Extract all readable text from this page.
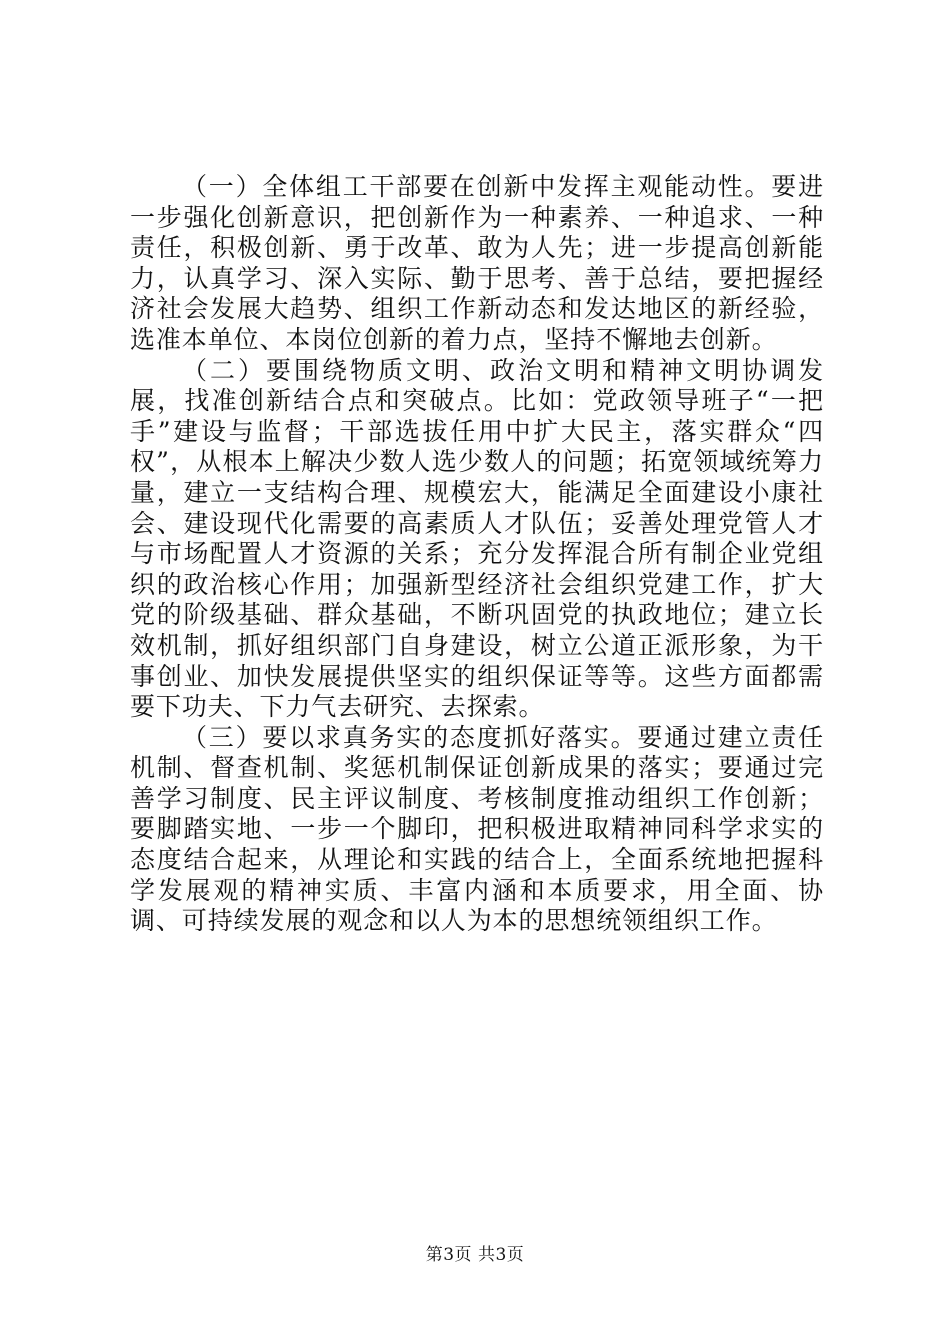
（一）全体组工干部要在创新中发挥主观能动性。要进一步强化创新意识，把创新作为一种素养、一种追求、一种责任，积极创新、勇于改革、敢为人先；进一步提高创新能力，认真学习、深入实际、勤于思考、善于总结，要把握经济社会发展大趋势、组织工作新动态和发达地区的新经验，选准本单位、本岗位创新的着力点，坚持不懈地去创新。

（二）要围绕物质文明、政治文明和精神文明协调发展，找准创新结合点和突破点。比如：党政领导班子“一把手”建设与监督；干部选拔任用中扩大民主，落实群众“四权”，从根本上解决少数人选少数人的问题；拓宽领域统筹力量，建立一支结构合理、规模宏大，能满足全面建设小康社会、建设现代化需要的高素质人才队伍；妥善处理党管人才与市场配置人才资源的关系；充分发挥混合所有制企业党组织的政治核心作用；加强新型经济社会组织党建工作，扩大党的阶级基础、群众基础，不断巩固党的执政地位；建立长效机制，抓好组织部门自身建设，树立公道正派形象，为干事创业、加快发展提供坚实的组织保证等等。这些方面都需要下功夫、下力气去研究、去探索。

（三）要以求真务实的态度抓好落实。要通过建立责任机制、督查机制、奖惩机制保证创新成果的落实；要通过完善学习制度、民主评议制度、考核制度推动组织工作创新；要脚踏实地、一步一个脚印，把积极进取精神同科学求实的态度结合起来，从理论和实践的结合上，全面系统地把握科学发展观的精神实质、丰富内涵和本质要求，用全面、协调、可持续发展的观念和以人为本的思想统领组织工作。

第3页 共3页
